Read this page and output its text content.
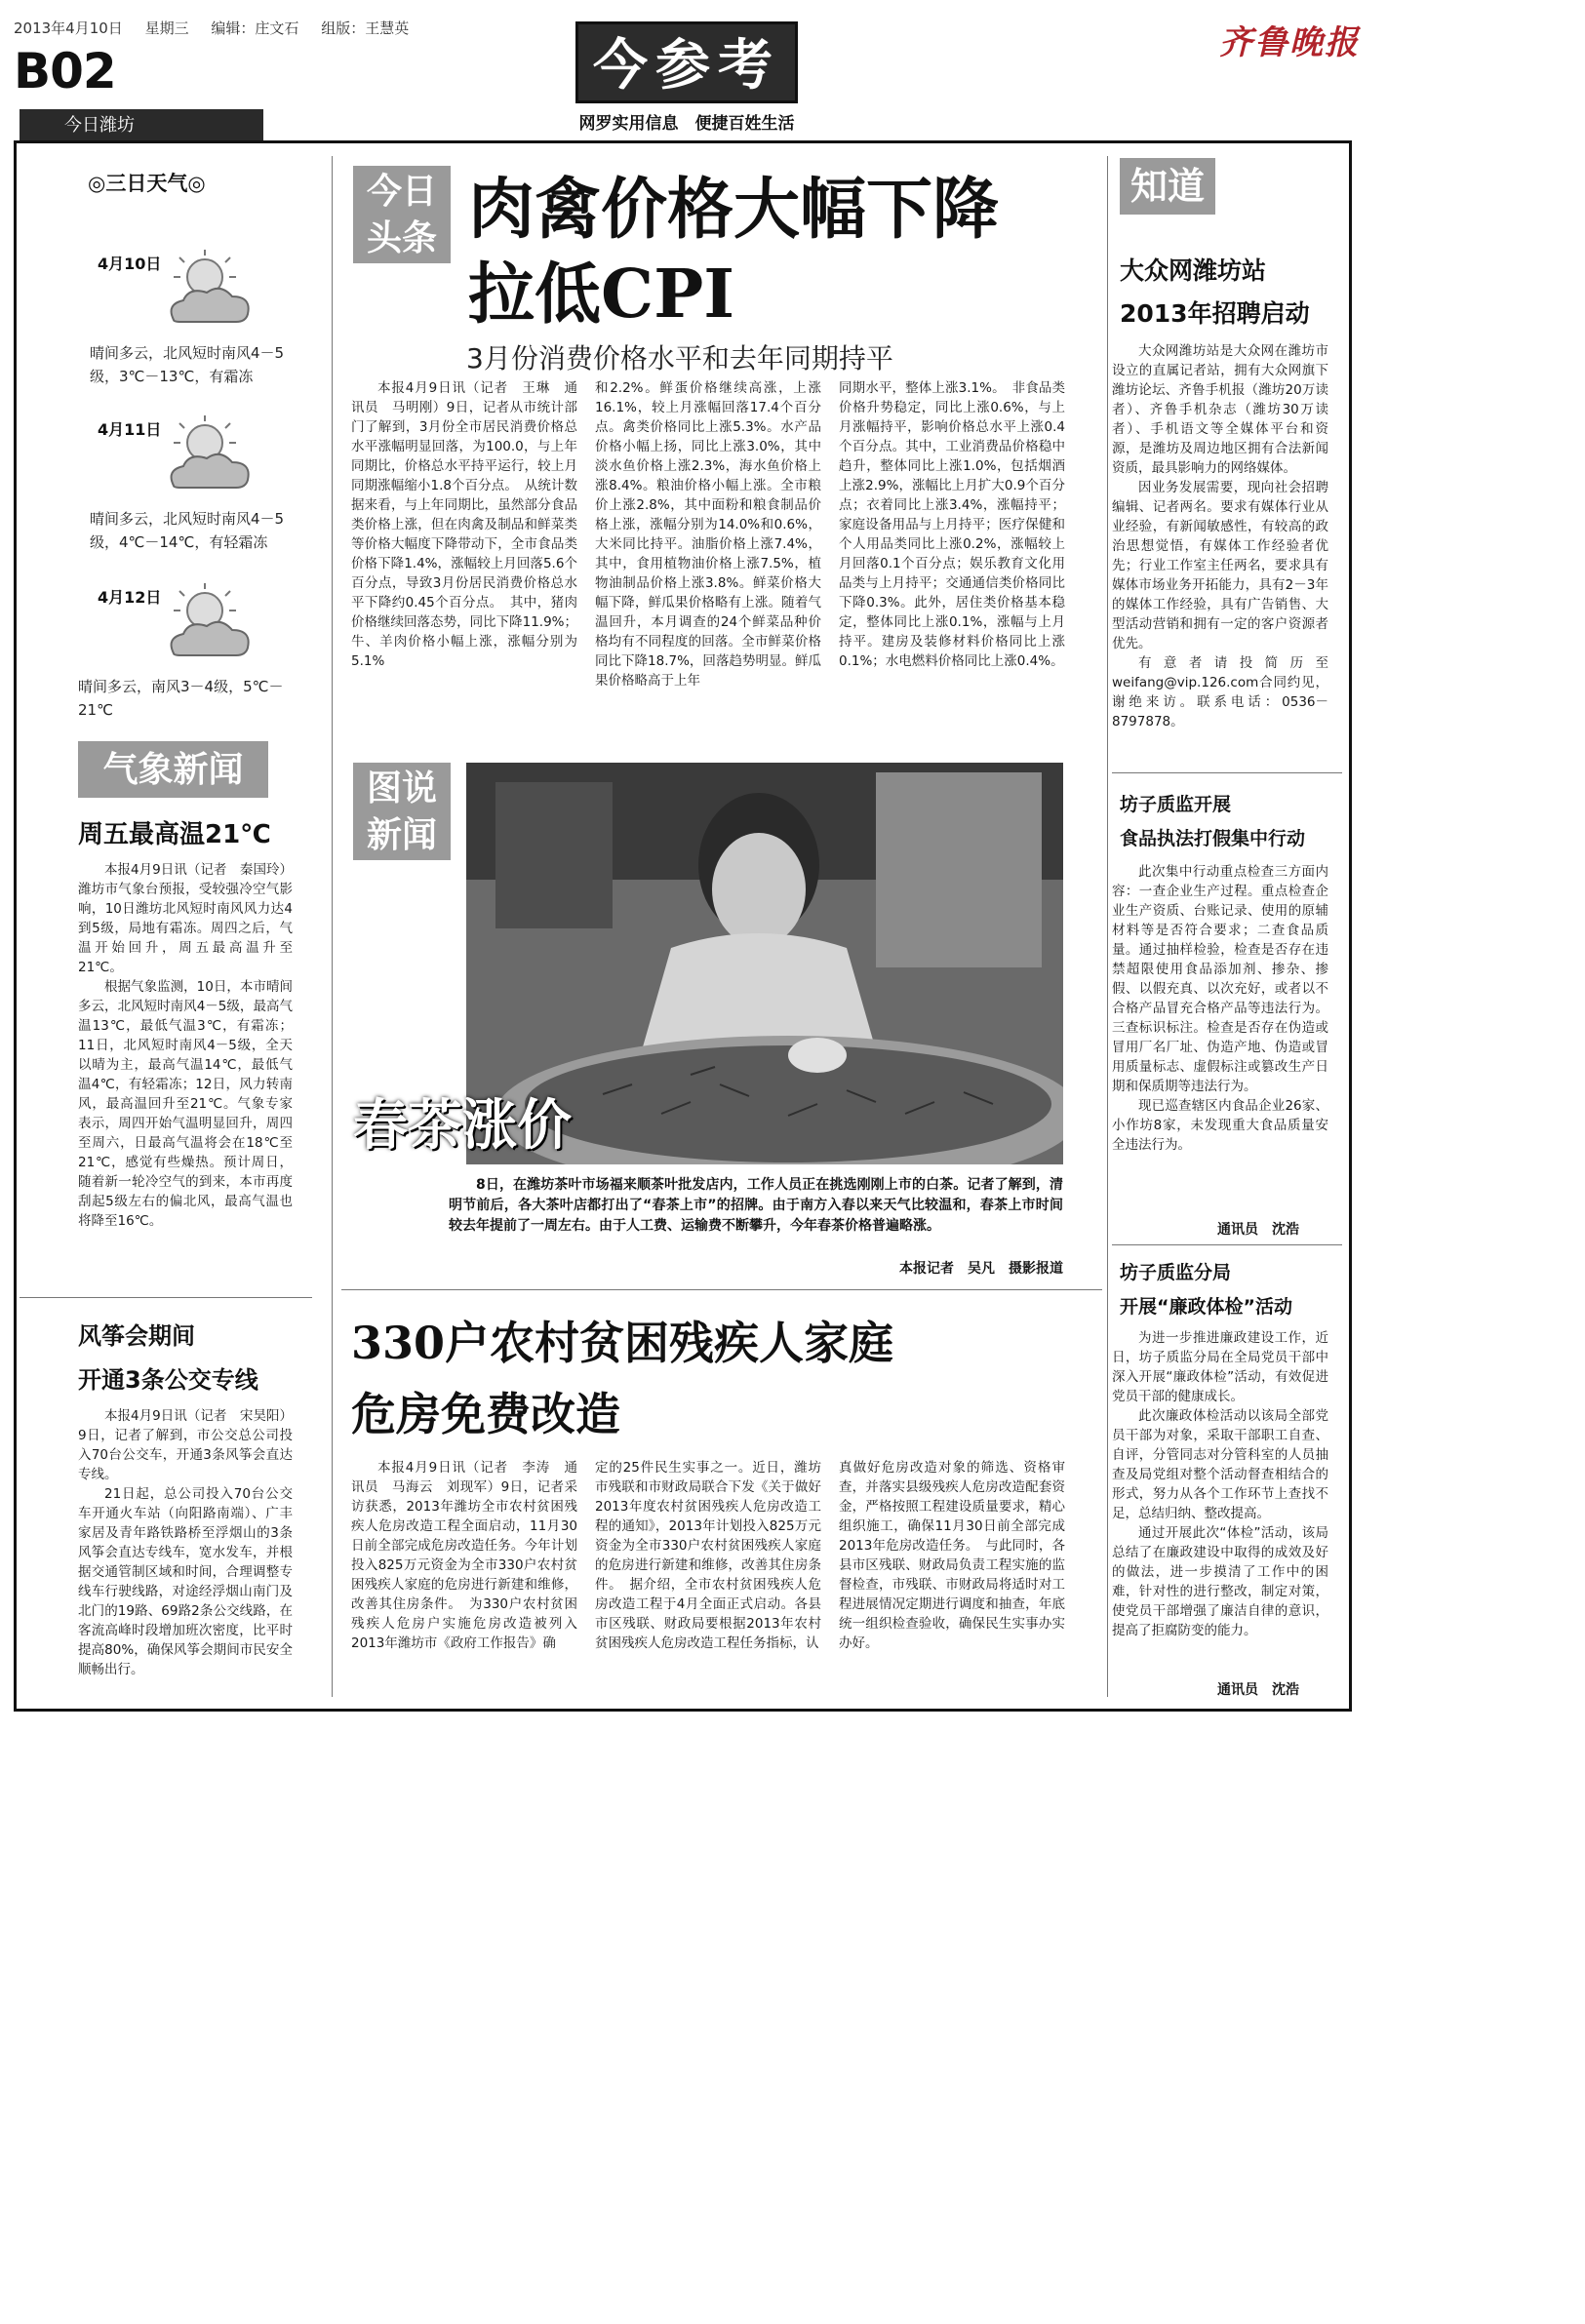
2013年4月10日 星期三 编辑：庄文石 组版：王慧英
B02
今日潍坊
今参考
网罗实用信息　便捷百姓生活
齐鲁晚报
◎三日天气◎
4月10日
晴间多云，北风短时南风4－5级，3℃－13℃，有霜冻
4月11日
晴间多云，北风短时南风4－5级，4℃－14℃，有轻霜冻
4月12日
晴间多云，南风3－4级，5℃－21℃
气象新闻
周五最高温21℃

本报4月9日讯（记者　秦国玲）潍坊市气象台预报，受较强冷空气影响，10日潍坊北风短时南风风力达4到5级，局地有霜冻。周四之后，气温开始回升，周五最高温升至21℃。

根据气象监测，10日，本市晴间多云，北风短时南风4－5级，最高气温13℃，最低气温3℃，有霜冻；11日，北风短时南风4－5级，全天以晴为主，最高气温14℃，最低气温4℃，有轻霜冻；12日，风力转南风，最高温回升至21℃。气象专家表示，周四开始气温明显回升，周四至周六，日最高气温将会在18℃至21℃，感觉有些燥热。预计周日，随着新一轮冷空气的到来，本市再度刮起5级左右的偏北风，最高气温也将降至16℃。

风筝会期间
开通3条公交专线

本报4月9日讯（记者　宋昊阳）9日，记者了解到，市公交总公司投入70台公交车，开通3条风筝会直达专线。

21日起，总公司投入70台公交车开通火车站（向阳路南端）、广丰家居及青年路铁路桥至浮烟山的3条风筝会直达专线车，宽水发车，并根据交通管制区域和时间，合理调整专线车行驶线路，对途经浮烟山南门及北门的19路、69路2条公交线路，在客流高峰时段增加班次密度，比平时提高80%，确保风筝会期间市民安全顺畅出行。

今日
头条 肉禽价格大幅下降
拉低CPI
3月份消费价格水平和去年同期持平
本报4月9日讯（记者　王琳　通讯员　马明刚）9日，记者从市统计部门了解到，3月份全市居民消费价格总水平涨幅明显回落，为100.0，与上年同期比，价格总水平持平运行，较上月同期涨幅缩小1.8个百分点。　从统计数据来看，与上年同期比，虽然部分食品类价格上涨，但在肉禽及制品和鲜菜类等价格大幅度下降带动下，全市食品类价格下降1.4%，涨幅较上月回落5.6个百分点，导致3月份居民消费价格总水平下降约0.45个百分点。　其中，猪肉价格继续回落态势，同比下降11.9%；牛、羊肉价格小幅上涨，涨幅分别为5.1%
和2.2%。鲜蛋价格继续高涨，上涨16.1%，较上月涨幅回落17.4个百分点。禽类价格同比上涨5.3%。水产品价格小幅上扬，同比上涨3.0%，其中淡水鱼价格上涨2.3%，海水鱼价格上涨8.4%。粮油价格小幅上涨。全市粮价上涨2.8%，其中面粉和粮食制品价格上涨，涨幅分别为14.0%和0.6%，大米同比持平。油脂价格上涨7.4%，其中，食用植物油价格上涨7.5%，植物油制品价格上涨3.8%。鲜菜价格大幅下降，鲜瓜果价格略有上涨。随着气温回升，本月调查的24个鲜菜品种价格均有不同程度的回落。全市鲜菜价格同比下降18.7%，回落趋势明显。鲜瓜果价格略高于上年
同期水平，整体上涨3.1%。　非食品类价格升势稳定，同比上涨0.6%，与上月涨幅持平，影响价格总水平上涨0.4个百分点。其中，工业消费品价格稳中趋升，整体同比上涨1.0%，包括烟酒上涨2.9%，涨幅比上月扩大0.9个百分点；衣着同比上涨3.4%，涨幅持平；家庭设备用品与上月持平；医疗保健和个人用品类同比上涨0.2%，涨幅较上月回落0.1个百分点；娱乐教育文化用品类与上月持平；交通通信类价格同比下降0.3%。此外，居住类价格基本稳定，整体同比上涨0.1%，涨幅与上月持平。建房及装修材料价格同比上涨0.1%；水电燃料价格同比上涨0.4%。
图说
新闻
春茶涨价
8日，在潍坊茶叶市场福来顺茶叶批发店内，工作人员正在挑选刚刚上市的白茶。记者了解到，清明节前后，各大茶叶店都打出了“春茶上市”的招牌。由于南方入春以来天气比较温和，春茶上市时间较去年提前了一周左右。由于人工费、运输费不断攀升，今年春茶价格普遍略涨。
本报记者　吴凡　摄影报道
330户农村贫困残疾人家庭
危房免费改造
本报4月9日讯（记者　李涛　通讯员　马海云　刘现军）9日，记者采访获悉，2013年潍坊全市农村贫困残疾人危房改造工程全面启动，11月30日前全部完成危房改造任务。今年计划投入825万元资金为全市330户农村贫困残疾人家庭的危房进行新建和维修，改善其住房条件。　为330户农村贫困残疾人危房户实施危房改造被列入2013年潍坊市《政府工作报告》确
定的25件民生实事之一。近日，潍坊市残联和市财政局联合下发《关于做好2013年度农村贫困残疾人危房改造工程的通知》，2013年计划投入825万元资金为全市330户农村贫困残疾人家庭的危房进行新建和维修，改善其住房条件。　据介绍，全市农村贫困残疾人危房改造工程于4月全面正式启动。各县市区残联、财政局要根据2013年农村贫困残疾人危房改造工程任务指标，认
真做好危房改造对象的筛选、资格审查，并落实县级残疾人危房改造配套资金，严格按照工程建设质量要求，精心组织施工，确保11月30日前全部完成2013年危房改造任务。　与此同时，各县市区残联、财政局负责工程实施的监督检查，市残联、市财政局将适时对工程进展情况定期进行调度和抽查，年底统一组织检查验收，确保民生实事办实办好。
知道
大众网潍坊站
2013年招聘启动

大众网潍坊站是大众网在潍坊市设立的直属记者站，拥有大众网旗下潍坊论坛、齐鲁手机报（潍坊20万读者）、齐鲁手机杂志（潍坊30万读者）、手机语文等全媒体平台和资源，是潍坊及周边地区拥有合法新闻资质，最具影响力的网络媒体。

因业务发展需要，现向社会招聘编辑、记者两名。要求有媒体行业从业经验，有新闻敏感性，有较高的政治思想觉悟，有媒体工作经验者优先；行业工作室主任两名，要求具有媒体市场业务开拓能力，具有2－3年的媒体工作经验，具有广告销售、大型活动营销和拥有一定的客户资源者优先。

有意者请投简历至weifang@vip.126.com合同约见，谢绝来访。联系电话：0536－8797878。

坊子质监开展
食品执法打假集中行动

此次集中行动重点检查三方面内容：一查企业生产过程。重点检查企业生产资质、台账记录、使用的原辅材料等是否符合要求；二查食品质量。通过抽样检验，检查是否存在违禁超限使用食品添加剂、掺杂、掺假、以假充真、以次充好，或者以不合格产品冒充合格产品等违法行为。三查标识标注。检查是否存在伪造或冒用厂名厂址、伪造产地、伪造或冒用质量标志、虚假标注或篡改生产日期和保质期等违法行为。

现已巡查辖区内食品企业26家、小作坊8家，未发现重大食品质量安全违法行为。

通讯员　沈浩
坊子质监分局
开展“廉政体检”活动

为进一步推进廉政建设工作，近日，坊子质监分局在全局党员干部中深入开展“廉政体检”活动，有效促进党员干部的健康成长。

此次廉政体检活动以该局全部党员干部为对象，采取干部职工自查、自评，分管同志对分管科室的人员抽查及局党组对整个活动督查相结合的形式，努力从各个工作环节上查找不足，总结归纳、整改提高。

通过开展此次“体检”活动，该局总结了在廉政建设中取得的成效及好的做法，进一步摸清了工作中的困难，针对性的进行整改，制定对策，使党员干部增强了廉洁自律的意识，提高了拒腐防变的能力。

通讯员　沈浩
